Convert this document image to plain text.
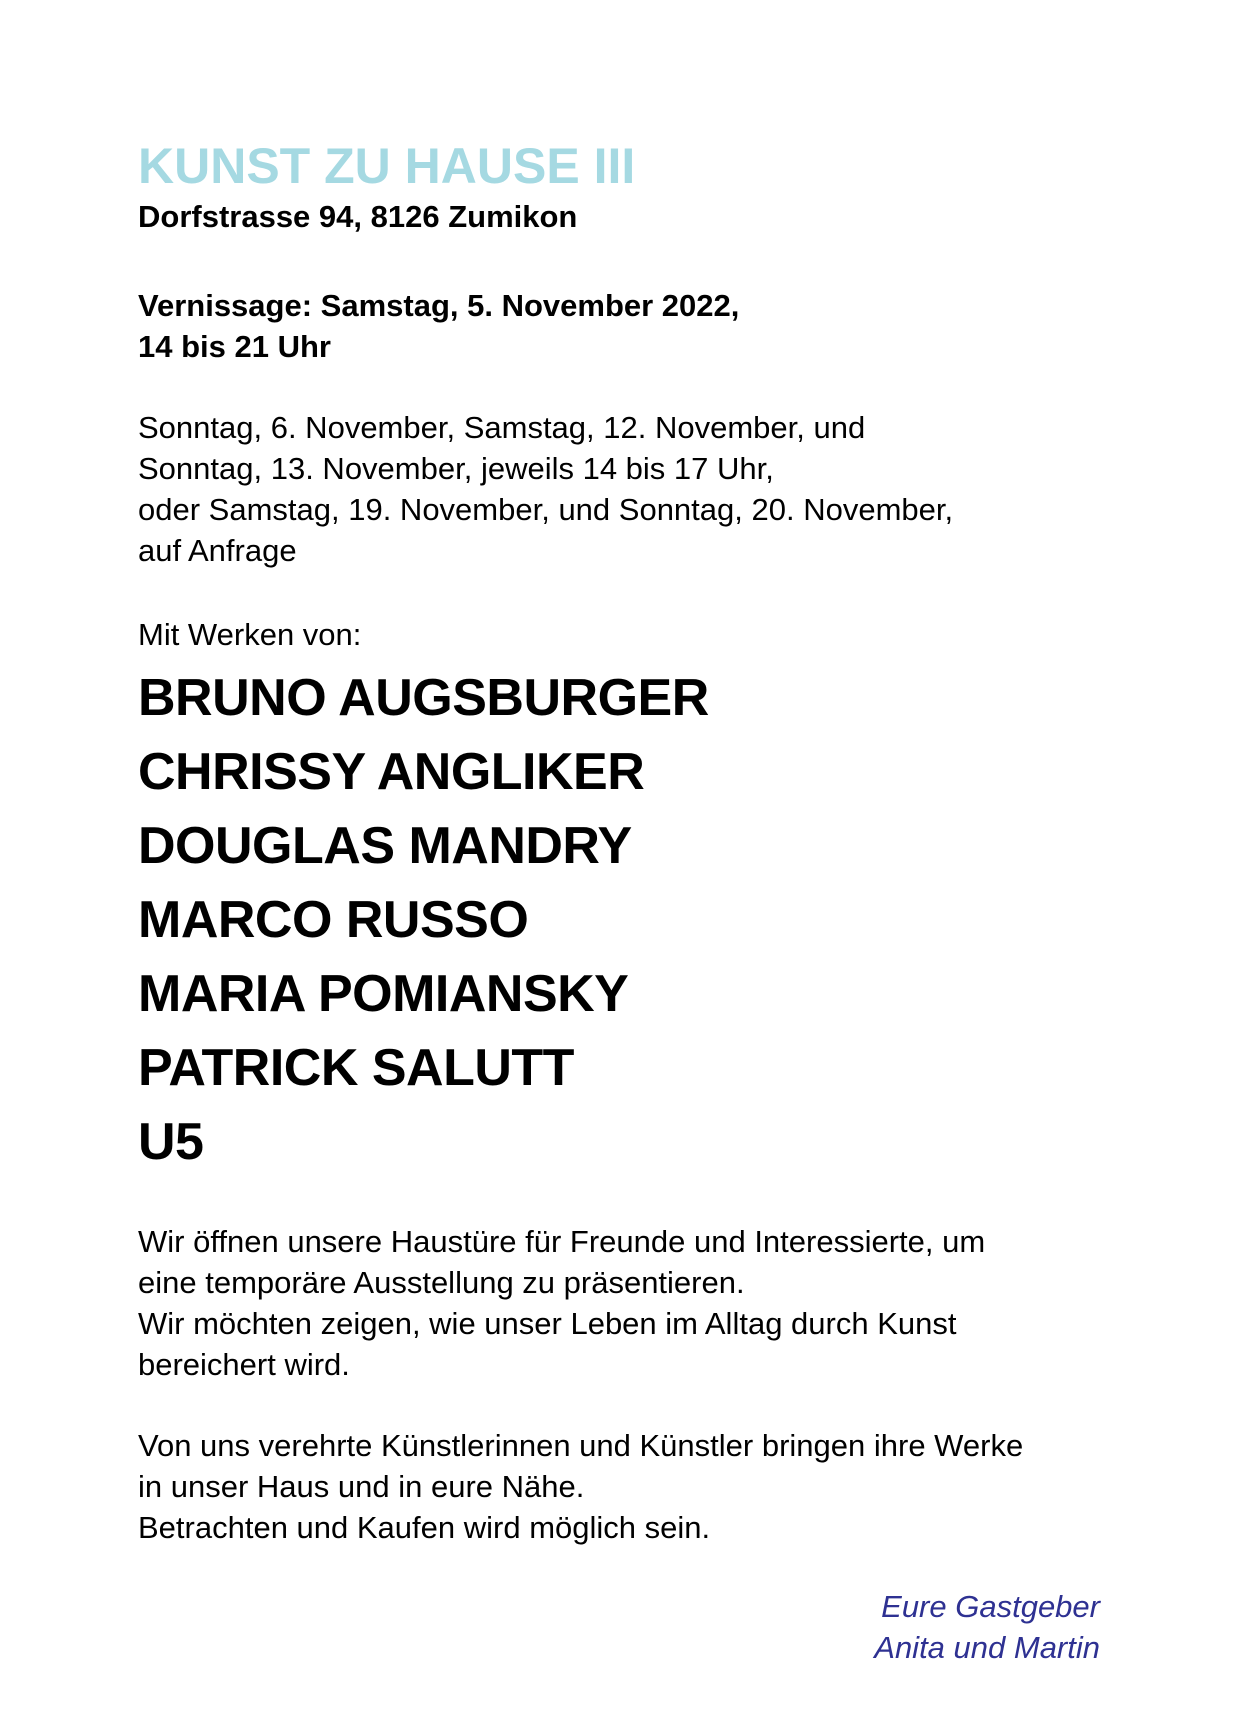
KUNST ZU HAUSE III
Dorfstrasse 94, 8126 Zumikon
Vernissage: Samstag, 5. November 2022,
14 bis 21 Uhr
Sonntag, 6. November, Samstag, 12. November, und
Sonntag, 13. November, jeweils 14 bis 17 Uhr,
oder Samstag, 19. November, und Sonntag, 20. November,
auf Anfrage
Mit Werken von:
BRUNO AUGSBURGER
CHRISSY ANGLIKER
DOUGLAS MANDRY
MARCO RUSSO
MARIA POMIANSKY
PATRICK SALUTT
U5
Wir öffnen unsere Haustüre für Freunde und Interessierte, um
eine temporäre Ausstellung zu präsentieren.
Wir möchten zeigen, wie unser Leben im Alltag durch Kunst
bereichert wird.
Von uns verehrte Künstlerinnen und Künstler bringen ihre Werke
in unser Haus und in eure Nähe.
Betrachten und Kaufen wird möglich sein.
Eure Gastgeber
Anita und Martin
